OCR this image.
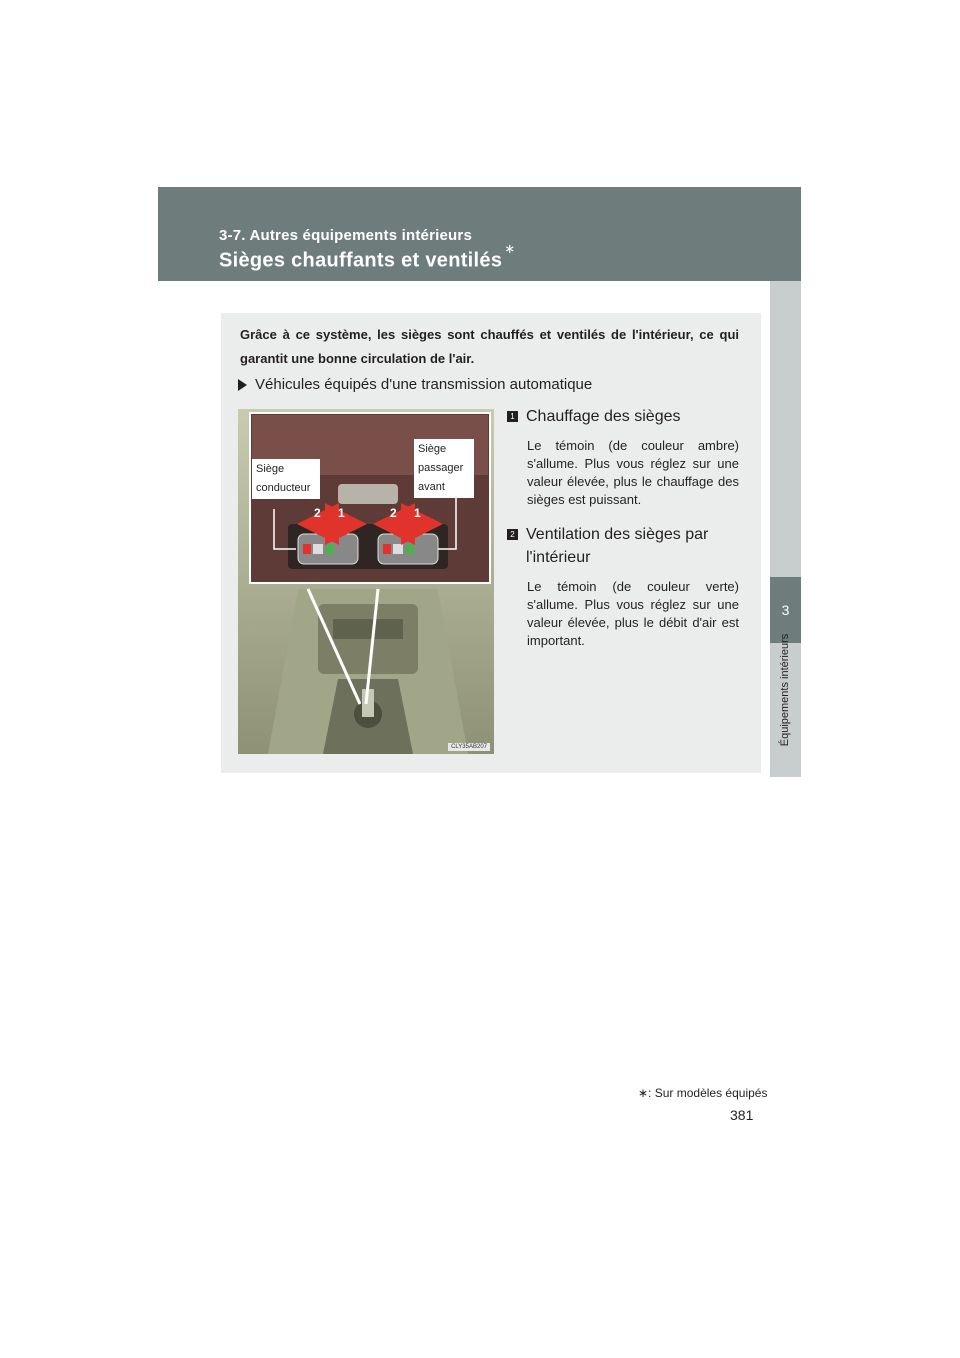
3-7. Autres équipements intérieurs
Sièges chauffants et ventilés∗
3
Équipements intérieurs
Grâce à ce système, les sièges sont chauffés et ventilés de l'intérieur, ce qui garantit une bonne circulation de l'air.
Véhicules équipés d'une transmission automatique
Siège conducteur
Siège passager avant
2	1	2	1
CLY35AB207
1 Chauffage des sièges
Le témoin (de couleur ambre) s'allume. Plus vous réglez sur une valeur élevée, plus le chauffage des sièges est puissant.
2 Ventilation des sièges par l'intérieur
Le témoin (de couleur verte) s'allume. Plus vous réglez sur une valeur élevée, plus le débit d'air est important.
∗: Sur modèles équipés
381
